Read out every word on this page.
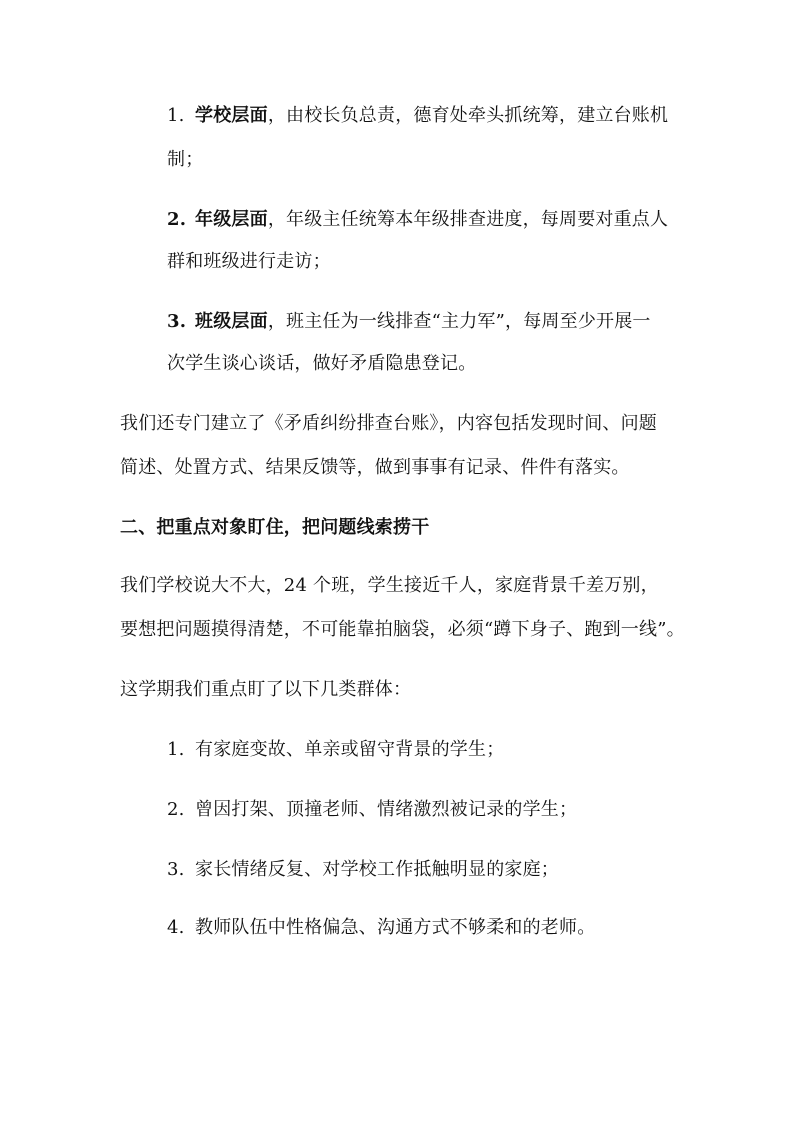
1. 学校层面，由校长负总责，德育处牵头抓统筹，建立台账机
制；
2. 年级层面，年级主任统筹本年级排查进度，每周要对重点人
群和班级进行走访；
3. 班级层面，班主任为一线排查“主力军”，每周至少开展一
次学生谈心谈话，做好矛盾隐患登记。
我们还专门建立了《矛盾纠纷排查台账》，内容包括发现时间、问题
简述、处置方式、结果反馈等，做到事事有记录、件件有落实。
二、把重点对象盯住，把问题线索捞干
我们学校说大不大，24 个班，学生接近千人，家庭背景千差万别，
要想把问题摸得清楚，不可能靠拍脑袋，必须“蹲下身子、跑到一线”。
这学期我们重点盯了以下几类群体：
1. 有家庭变故、单亲或留守背景的学生；
2. 曾因打架、顶撞老师、情绪激烈被记录的学生；
3. 家长情绪反复、对学校工作抵触明显的家庭；
4. 教师队伍中性格偏急、沟通方式不够柔和的老师。
